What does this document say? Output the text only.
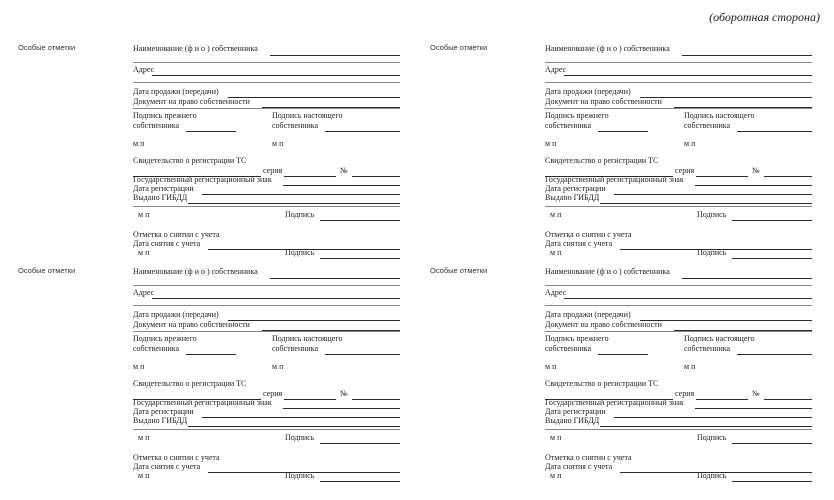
(оборотная сторона)
Особые отметки	Наименование (ф и о ) собственника
Адрес
Дата продажи (передачи)
Документ на право собственности
Подпись прежнего
собственника
Подпись настоящего
собственника
м п	м п
Свидетельство о регистрации ТС
серия	№
Государственный регистрационный знак
Дата регистрации
Выдано ГИБДД
м п	Подпись
Отметка о снятии с учета
Дата снятия с учета
м п	Подпись
Особые отметки	Наименование (ф и о ) собственника
Адрес
Дата продажи (передачи)
Документ на право собственности
Подпись прежнего
собственника
Подпись настоящего
собственника
м п	м п
Свидетельство о регистрации ТС
серия	№
Государственный регистрационный знак
Дата регистрации
Выдано ГИБДД
м п	Подпись
Отметка о снятии с учета
Дата снятия с учета
м п	Подпись
Особые отметки	Наименование (ф и о ) собственника
Адрес
Дата продажи (передачи)
Документ на право собственности
Подпись прежнего
собственника
Подпись настоящего
собственника
м п	м п
Свидетельство о регистрации ТС
серия	№
Государственный регистрационный знак
Дата регистрации
Выдано ГИБДД
м п	Подпись
Отметка о снятии с учета
Дата снятия с учета
м п	Подпись
Особые отметки	Наименование (ф и о ) собственника
Адрес
Дата продажи (передачи)
Документ на право собственности
Подпись прежнего
собственника
Подпись настоящего
собственника
м п	м п
Свидетельство о регистрации ТС
серия	№
Государственный регистрационный знак
Дата регистрации
Выдано ГИБДД
м п	Подпись
Отметка о снятии с учета
Дата снятия с учета
м п	Подпись
